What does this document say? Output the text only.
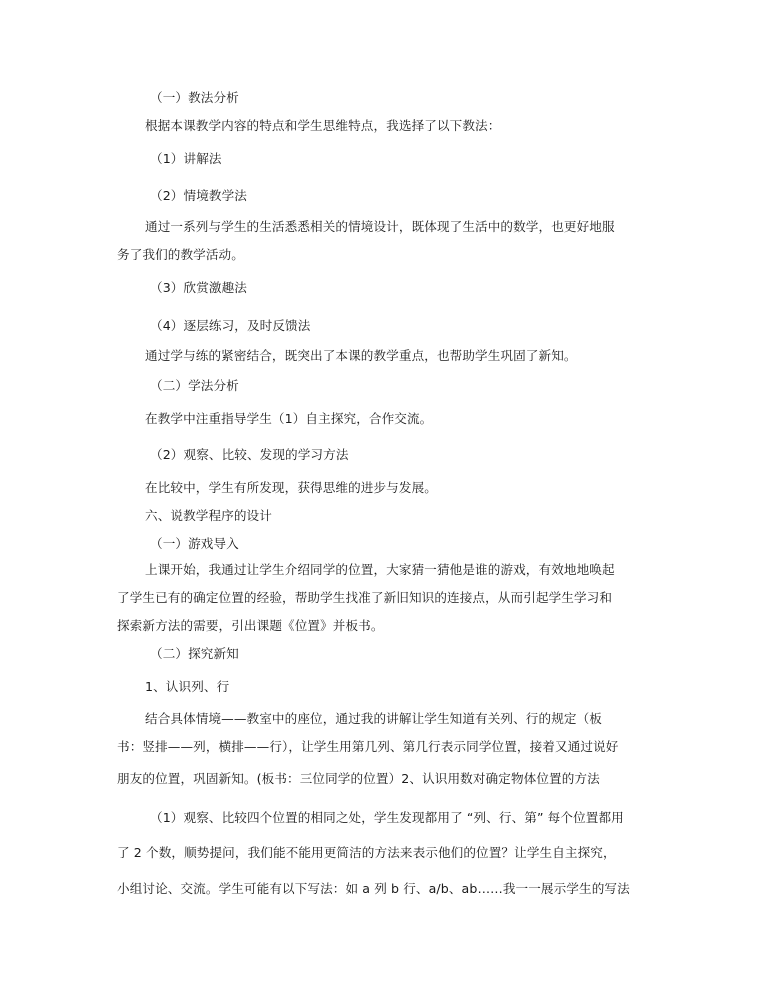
（一）教法分析
根据本课教学内容的特点和学生思维特点，我选择了以下教法：
（1）讲解法
（2）情境教学法
通过一系列与学生的生活悉悉相关的情境设计，既体现了生活中的数学，也更好地服
务了我们的教学活动。
（3）欣赏激趣法
（4）逐层练习，及时反馈法
通过学与练的紧密结合，既突出了本课的教学重点，也帮助学生巩固了新知。
（二）学法分析
在教学中注重指导学生（1）自主探究，合作交流。
（2）观察、比较、发现的学习方法
在比较中，学生有所发现，获得思维的进步与发展。
六、说教学程序的设计
（一）游戏导入
上课开始，我通过让学生介绍同学的位置，大家猜一猜他是谁的游戏，有效地地唤起
了学生已有的确定位置的经验，帮助学生找准了新旧知识的连接点，从而引起学生学习和
探索新方法的需要，引出课题《位置》并板书。
（二）探究新知
1、认识列、行
结合具体情境——教室中的座位，通过我的讲解让学生知道有关列、行的规定（板
书：竖排——列，横排——行），让学生用第几列、第几行表示同学位置，接着又通过说好
朋友的位置，巩固新知。(板书：三位同学的位置）2、认识用数对确定物体位置的方法
（1）观察、比较四个位置的相同之处，学生发现都用了 “列、行、第” 每个位置都用
了 2 个数，顺势提问，我们能不能用更简洁的方法来表示他们的位置？让学生自主探究，
小组讨论、交流。学生可能有以下写法：如 a 列 b 行、a/b、ab……我一一展示学生的写法
